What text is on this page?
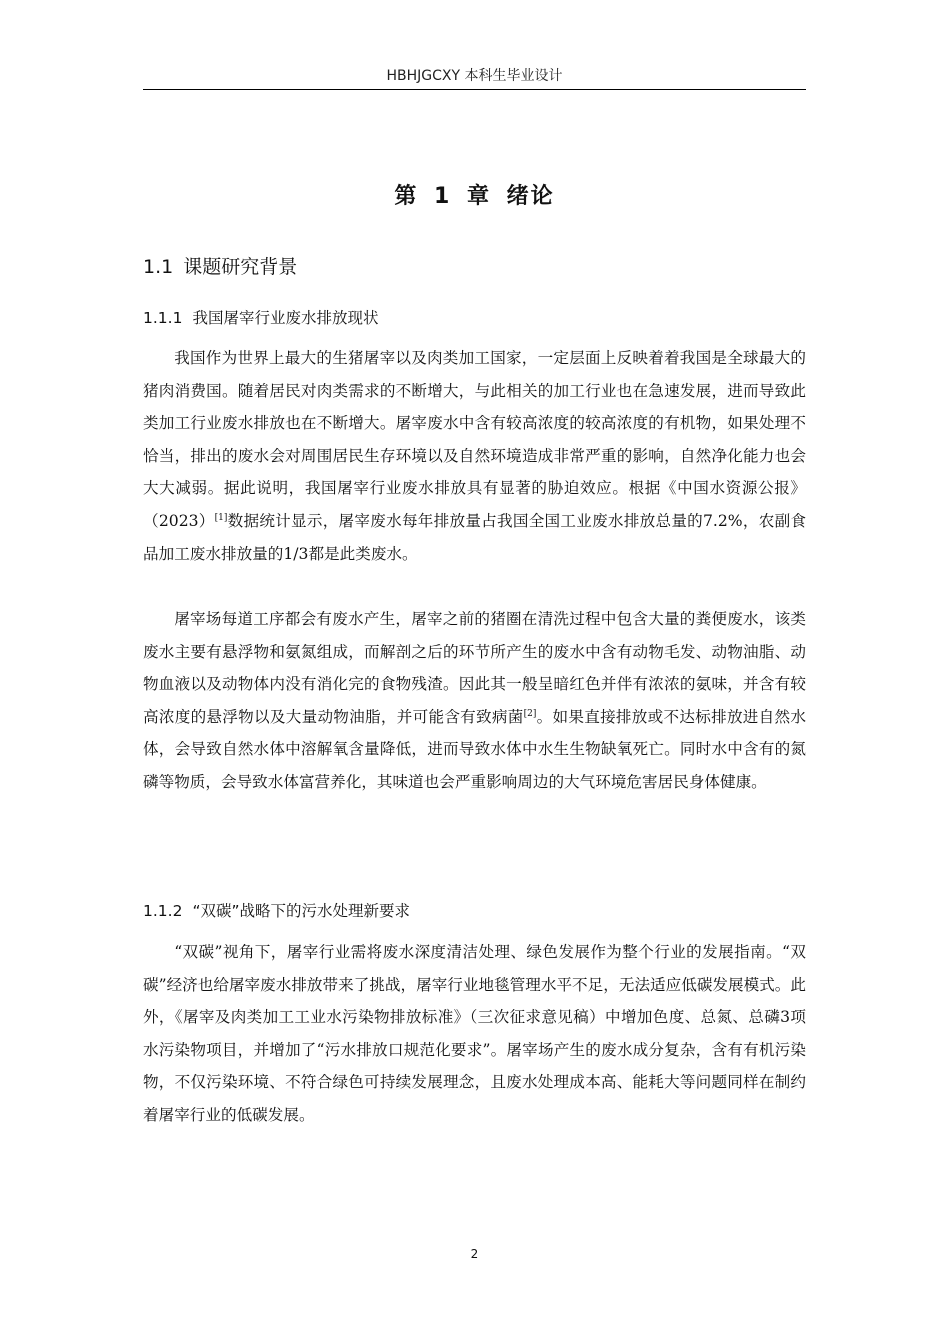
HBHJGCXY 本科生毕业设计
第 1 章 绪论
1.1 课题研究背景
1.1.1 我国屠宰行业废水排放现状

我国作为世界上最大的生猪屠宰以及肉类加工国家，一定层面上反映着着我国是全球最大的猪肉消费国。随着居民对肉类需求的不断增大，与此相关的加工行业也在急速发展，进而导致此类加工行业废水排放也在不断增大。屠宰废水中含有较高浓度的较高浓度的有机物，如果处理不恰当，排出的废水会对周围居民生存环境以及自然环境造成非常严重的影响，自然净化能力也会大大减弱。据此说明，我国屠宰行业废水排放具有显著的胁迫效应。根据《中国水资源公报》（2023）[1]数据统计显示，屠宰废水每年排放量占我国全国工业废水排放总量的7.2%，农副食品加工废水排放量的1/3都是此类废水。

屠宰场每道工序都会有废水产生，屠宰之前的猪圈在清洗过程中包含大量的粪便废水，该类废水主要有悬浮物和氨氮组成，而解剖之后的环节所产生的废水中含有动物毛发、动物油脂、动物血液以及动物体内没有消化完的食物残渣。因此其一般呈暗红色并伴有浓浓的氨味，并含有较高浓度的悬浮物以及大量动物油脂，并可能含有致病菌[2]。如果直接排放或不达标排放进自然水体，会导致自然水体中溶解氧含量降低，进而导致水体中水生生物缺氧死亡。同时水中含有的氮磷等物质，会导致水体富营养化，其味道也会严重影响周边的大气环境危害居民身体健康。

1.1.2 “双碳”战略下的污水处理新要求

“双碳”视角下，屠宰行业需将废水深度清洁处理、绿色发展作为整个行业的发展指南。“双碳”经济也给屠宰废水排放带来了挑战，屠宰行业地毯管理水平不足，无法适应低碳发展模式。此外，《屠宰及肉类加工工业水污染物排放标准》（三次征求意见稿）中增加色度、总氮、总磷3项水污染物项目，并增加了“污水排放口规范化要求”。屠宰场产生的废水成分复杂，含有有机污染物，不仅污染环境、不符合绿色可持续发展理念，且废水处理成本高、能耗大等问题同样在制约着屠宰行业的低碳发展。

2
